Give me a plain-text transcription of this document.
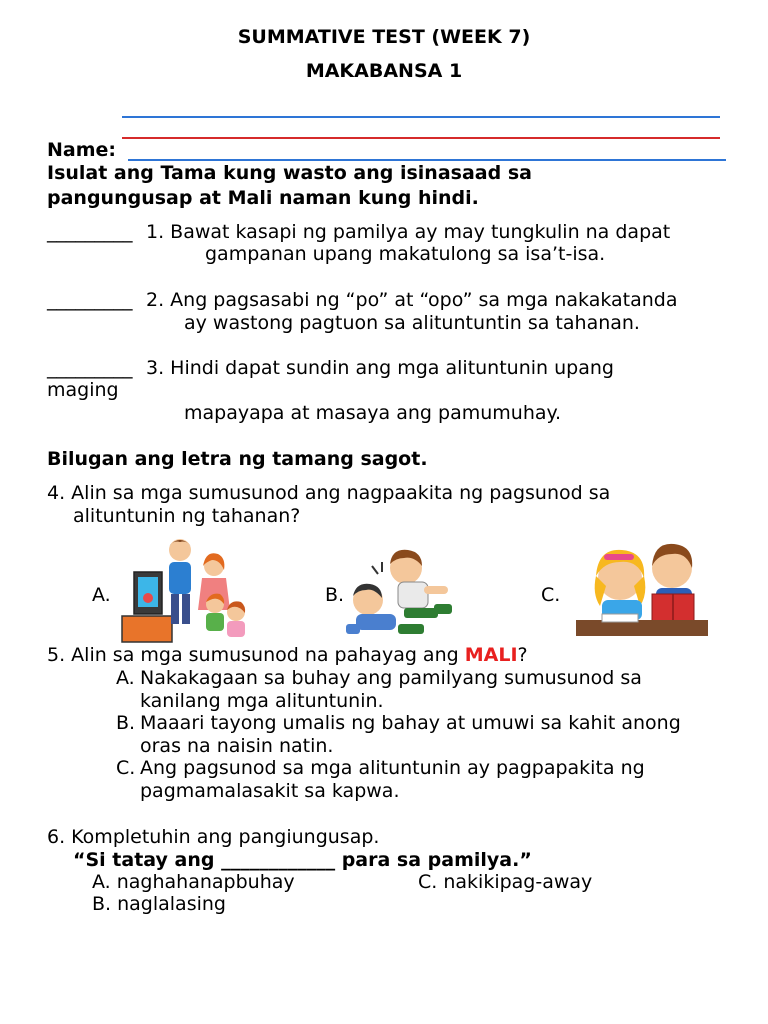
SUMMATIVE TEST (WEEK 7)
MAKABANSA 1
Name:
Isulat ang Tama kung wasto ang isinasaad sa
pangungusap at Mali naman kung hindi.
_________ 1. Bawat kasapi ng pamilya ay may tungkulin na dapat
gampanan upang makatulong sa isa’t-isa.
_________ 2. Ang pagsasabi ng “po” at “opo” sa mga nakakatanda
ay wastong pagtuon sa alituntuntin sa tahanan.
_________ 3. Hindi dapat sundin ang mga alituntunin upang
maging
mapayapa at masaya ang pamumuhay.
Bilugan ang letra ng tamang sagot.
4. Alin sa mga sumusunod ang nagpaakita ng pagsunod sa
alituntunin ng tahanan?
A.	B.	C.
5. Alin sa mga sumusunod na pahayag ang MALI?
A. Nakakagaan sa buhay ang pamilyang sumusunod sa
kanilang mga alituntunin.
B. Maaari tayong umalis ng bahay at umuwi sa kahit anong
oras na naisin natin.
C. Ang pagsunod sa mga alituntunin ay pagpapakita ng
pagmamalasakit sa kapwa.
6. Kompletuhin ang pangiungusap.
“Si tatay ang ____________ para sa pamilya.”
A. naghahanapbuhay	C. nakikipag-away
B. naglalasing
